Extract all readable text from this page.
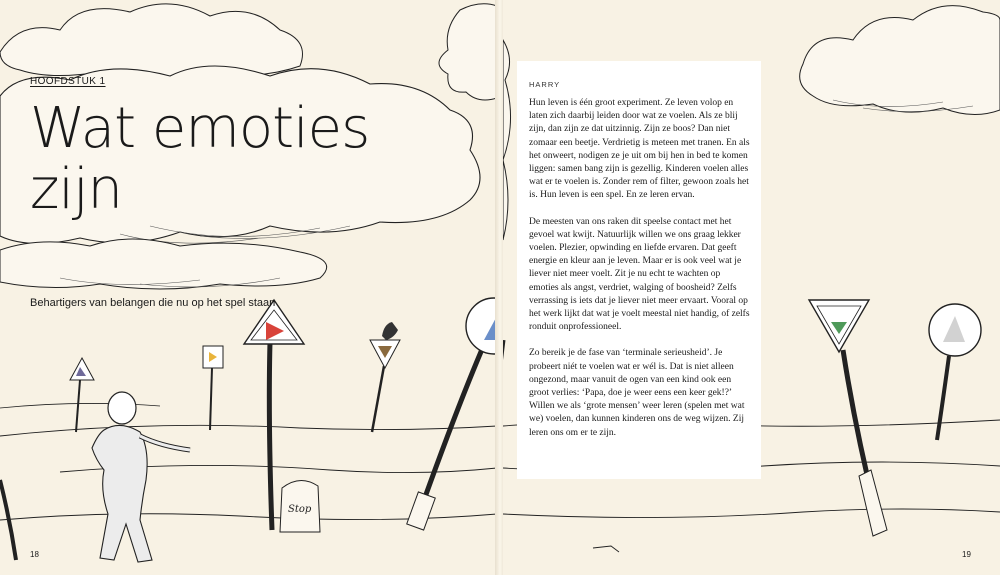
Stop
HOOFDSTUK 1
Wat emoties
zijn
Behartigers van belangen die nu op het spel staan
18	19
HARRY

Hun leven is één groot experiment. Ze leven volop en laten zich daarbij leiden door wat ze voelen. Als ze blij zijn, dan zijn ze dat uitzinnig. Zijn ze boos? Dan niet zomaar een beetje. Verdrietig is meteen met tranen. En als het onweert, nodigen ze je uit om bij hen in bed te komen liggen: samen bang zijn is gezellig. Kinderen voelen alles wat er te voelen is. Zonder rem of filter, gewoon zoals het is. Hun leven is een spel. En ze leren ervan.

De meesten van ons raken dit speelse contact met het gevoel wat kwijt. Natuurlijk willen we ons graag lekker voelen. Plezier, opwinding en liefde ervaren. Dat geeft energie en kleur aan je leven. Maar er is ook veel wat je liever niet meer voelt. Zit je nu echt te wachten op emoties als angst, verdriet, walging of boosheid? Zelfs verrassing is iets dat je liever niet meer ervaart. Vooral op het werk lijkt dat wat je voelt meestal niet handig, of zelfs ronduit onprofessioneel.

Zo bereik je de fase van ‘terminale serieusheid’. Je probeert niét te voelen wat er wél is. Dat is niet alleen ongezond, maar vanuit de ogen van een kind ook een groot verlies: ‘Papa, doe je weer eens een keer gek!?’ Willen we als ‘grote mensen’ weer leren (spelen met wat we) voelen, dan kunnen kinderen ons de weg wijzen. Zij leren ons om er te zijn.
